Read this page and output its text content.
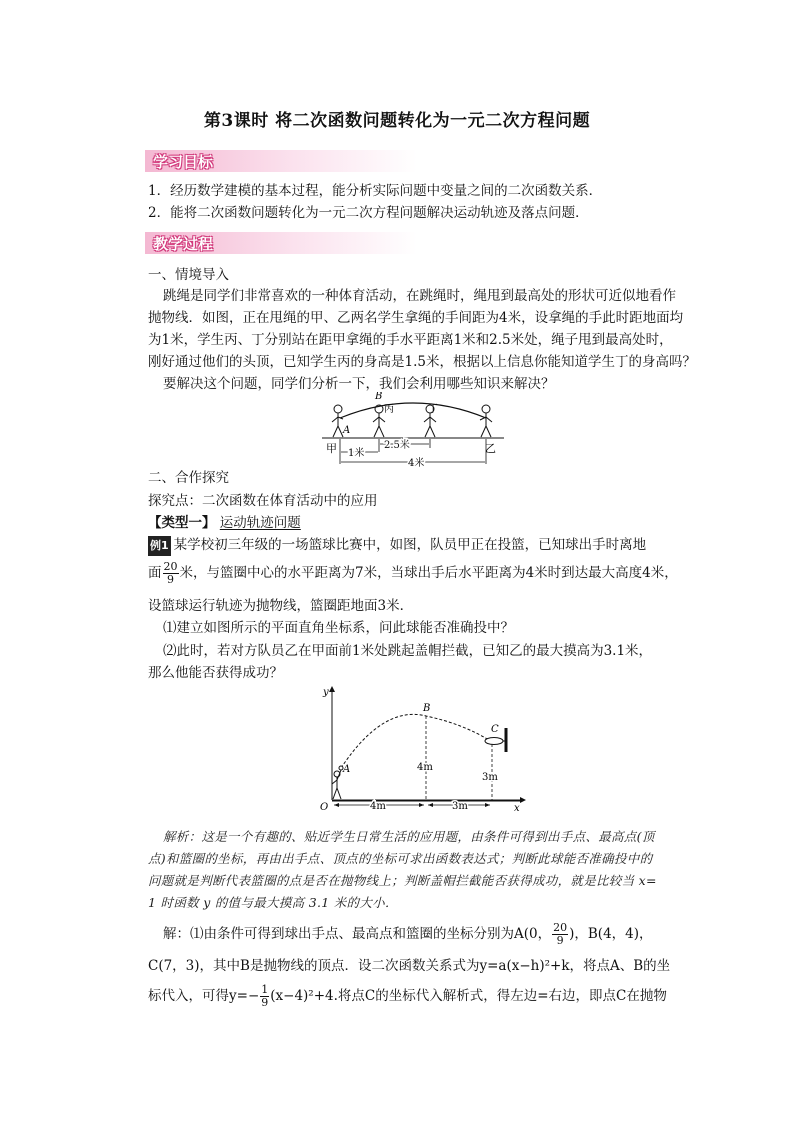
第3课时 将二次函数问题转化为一元二次方程问题
学习目标
1．经历数学建模的基本过程，能分析实际问题中变量之间的二次函数关系．
2．能将二次函数问题转化为一元二次方程问题解决运动轨迹及落点问题．
教学过程
一、情境导入
跳绳是同学们非常喜欢的一种体育活动，在跳绳时，绳甩到最高处的形状可近似地看作
抛物线．如图，正在甩绳的甲、乙两名学生拿绳的手间距为4米，设拿绳的手此时距地面均
为1米，学生丙、丁分别站在距甲拿绳的手水平距离1米和2.5米处，绳子甩到最高处时，
刚好通过他们的头顶，已知学生丙的身高是1.5米，根据以上信息你能知道学生丁的身高吗？
要解决这个问题，同学们分析一下，我们会利用哪些知识来解决？
B
A
丙	丁
甲	乙
2.5米
1米
4米
二、合作探究
探究点：二次函数在体育活动中的应用
【类型一】 运动轨迹问题
例1 某学校初三年级的一场篮球比赛中，如图，队员甲正在投篮，已知球出手时离地
面 $\frac{20}{9}$ 米，与篮圈中心的水平距离为7米，当球出手后水平距离为4米时到达最大高度4米，
设篮球运行轨迹为抛物线，篮圈距地面3米．
⑴建立如图所示的平面直角坐标系，问此球能否准确投中？
⑵此时，若对方队员乙在甲面前1米处跳起盖帽拦截，已知乙的最大摸高为3.1米，
那么他能否获得成功？
y
x
O
A
B
C
4m
3m
4m	3m
解析：这是一个有趣的、贴近学生日常生活的应用题，由条件可得到出手点、最高点(顶
点)和篮圈的坐标，再由出手点、顶点的坐标可求出函数表达式；判断此球能否准确投中的
问题就是判断代表篮圈的点是否在抛物线上；判断盖帽拦截能否获得成功，就是比较当 x=
1 时函数 y 的值与最大摸高 3.1 米的大小．
解：⑴由条件可得到球出手点、最高点和篮圈的坐标分别为A(0， $\frac{20}{9}$ )，B(4，4)，
C(7，3)，其中B是抛物线的顶点．设二次函数关系式为y=a(x−h)²+k，将点A、B的坐
标代入，可得$y=- \frac{1}{9} (x-4)^2+4$.将点C的坐标代入解析式，得左边=右边，即点C在抛物
